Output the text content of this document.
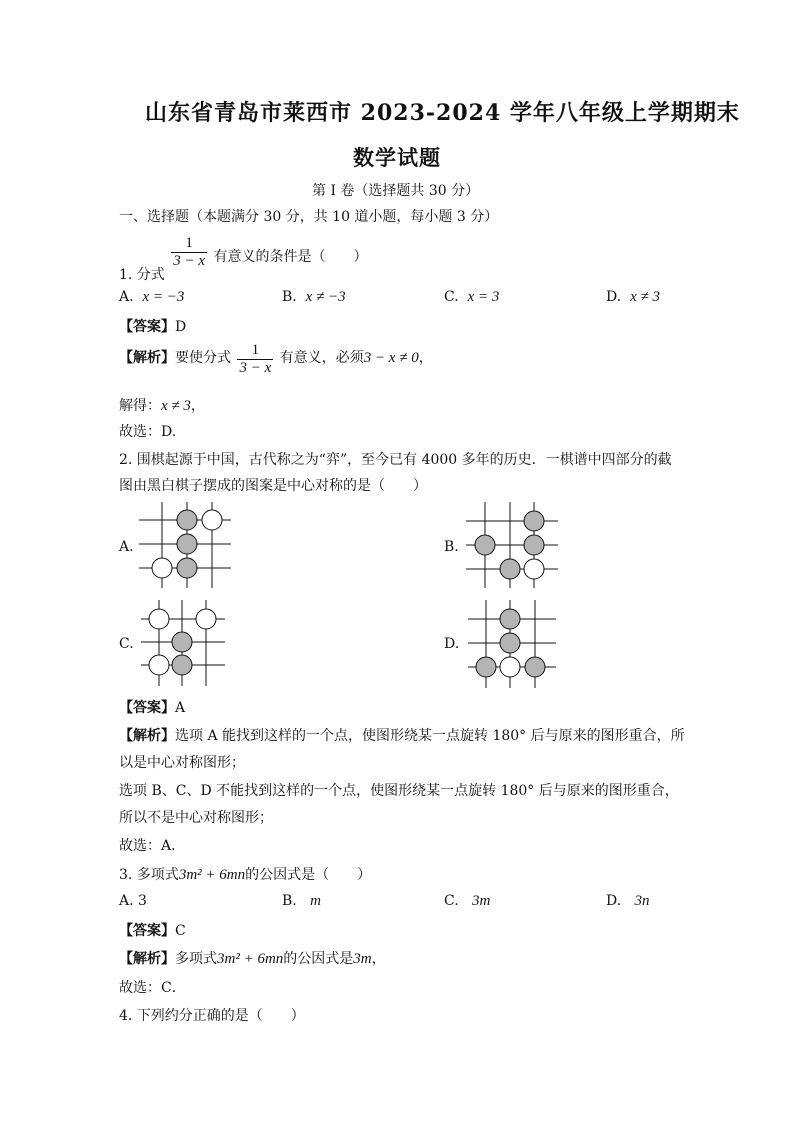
山东省青岛市莱西市 2023-2024 学年八年级上学期期末
数学试题
第 I 卷（选择题共 30 分）
一、选择题（本题满分 30 分，共 10 道小题，每小题 3 分）
1. 分式
$\frac{1}{3 - x}$ 有意义的条件是（　　）
A. x = −3	B. x ≠ −3	C. x = 3	D. x ≠ 3
【答案】D
【解析】要使分式 $\frac{1}{3 - x}$ 有意义，必须3 − x ≠ 0，
解得：x ≠ 3，
故选：D.
2. 围棋起源于中国，古代称之为“弈”，至今已有 4000 多年的历史．一棋谱中四部分的截
图由黑白棋子摆成的图案是中心对称的是（　　）
A.	B.
C.	D.
【答案】A
【解析】选项 A 能找到这样的一个点，使图形绕某一点旋转 180° 后与原来的图形重合，所
以是中心对称图形；
选项 B、C、D 不能找到这样的一个点，使图形绕某一点旋转 180° 后与原来的图形重合，
所以不是中心对称图形；
故选：A．
3. 多项式3m² + 6mn的公因式是（　　）
A. 3	B. m	C. 3m	D. 3n
【答案】C
【解析】多项式3m² + 6mn的公因式是3m，
故选：C．
4. 下列约分正确的是（　　）
